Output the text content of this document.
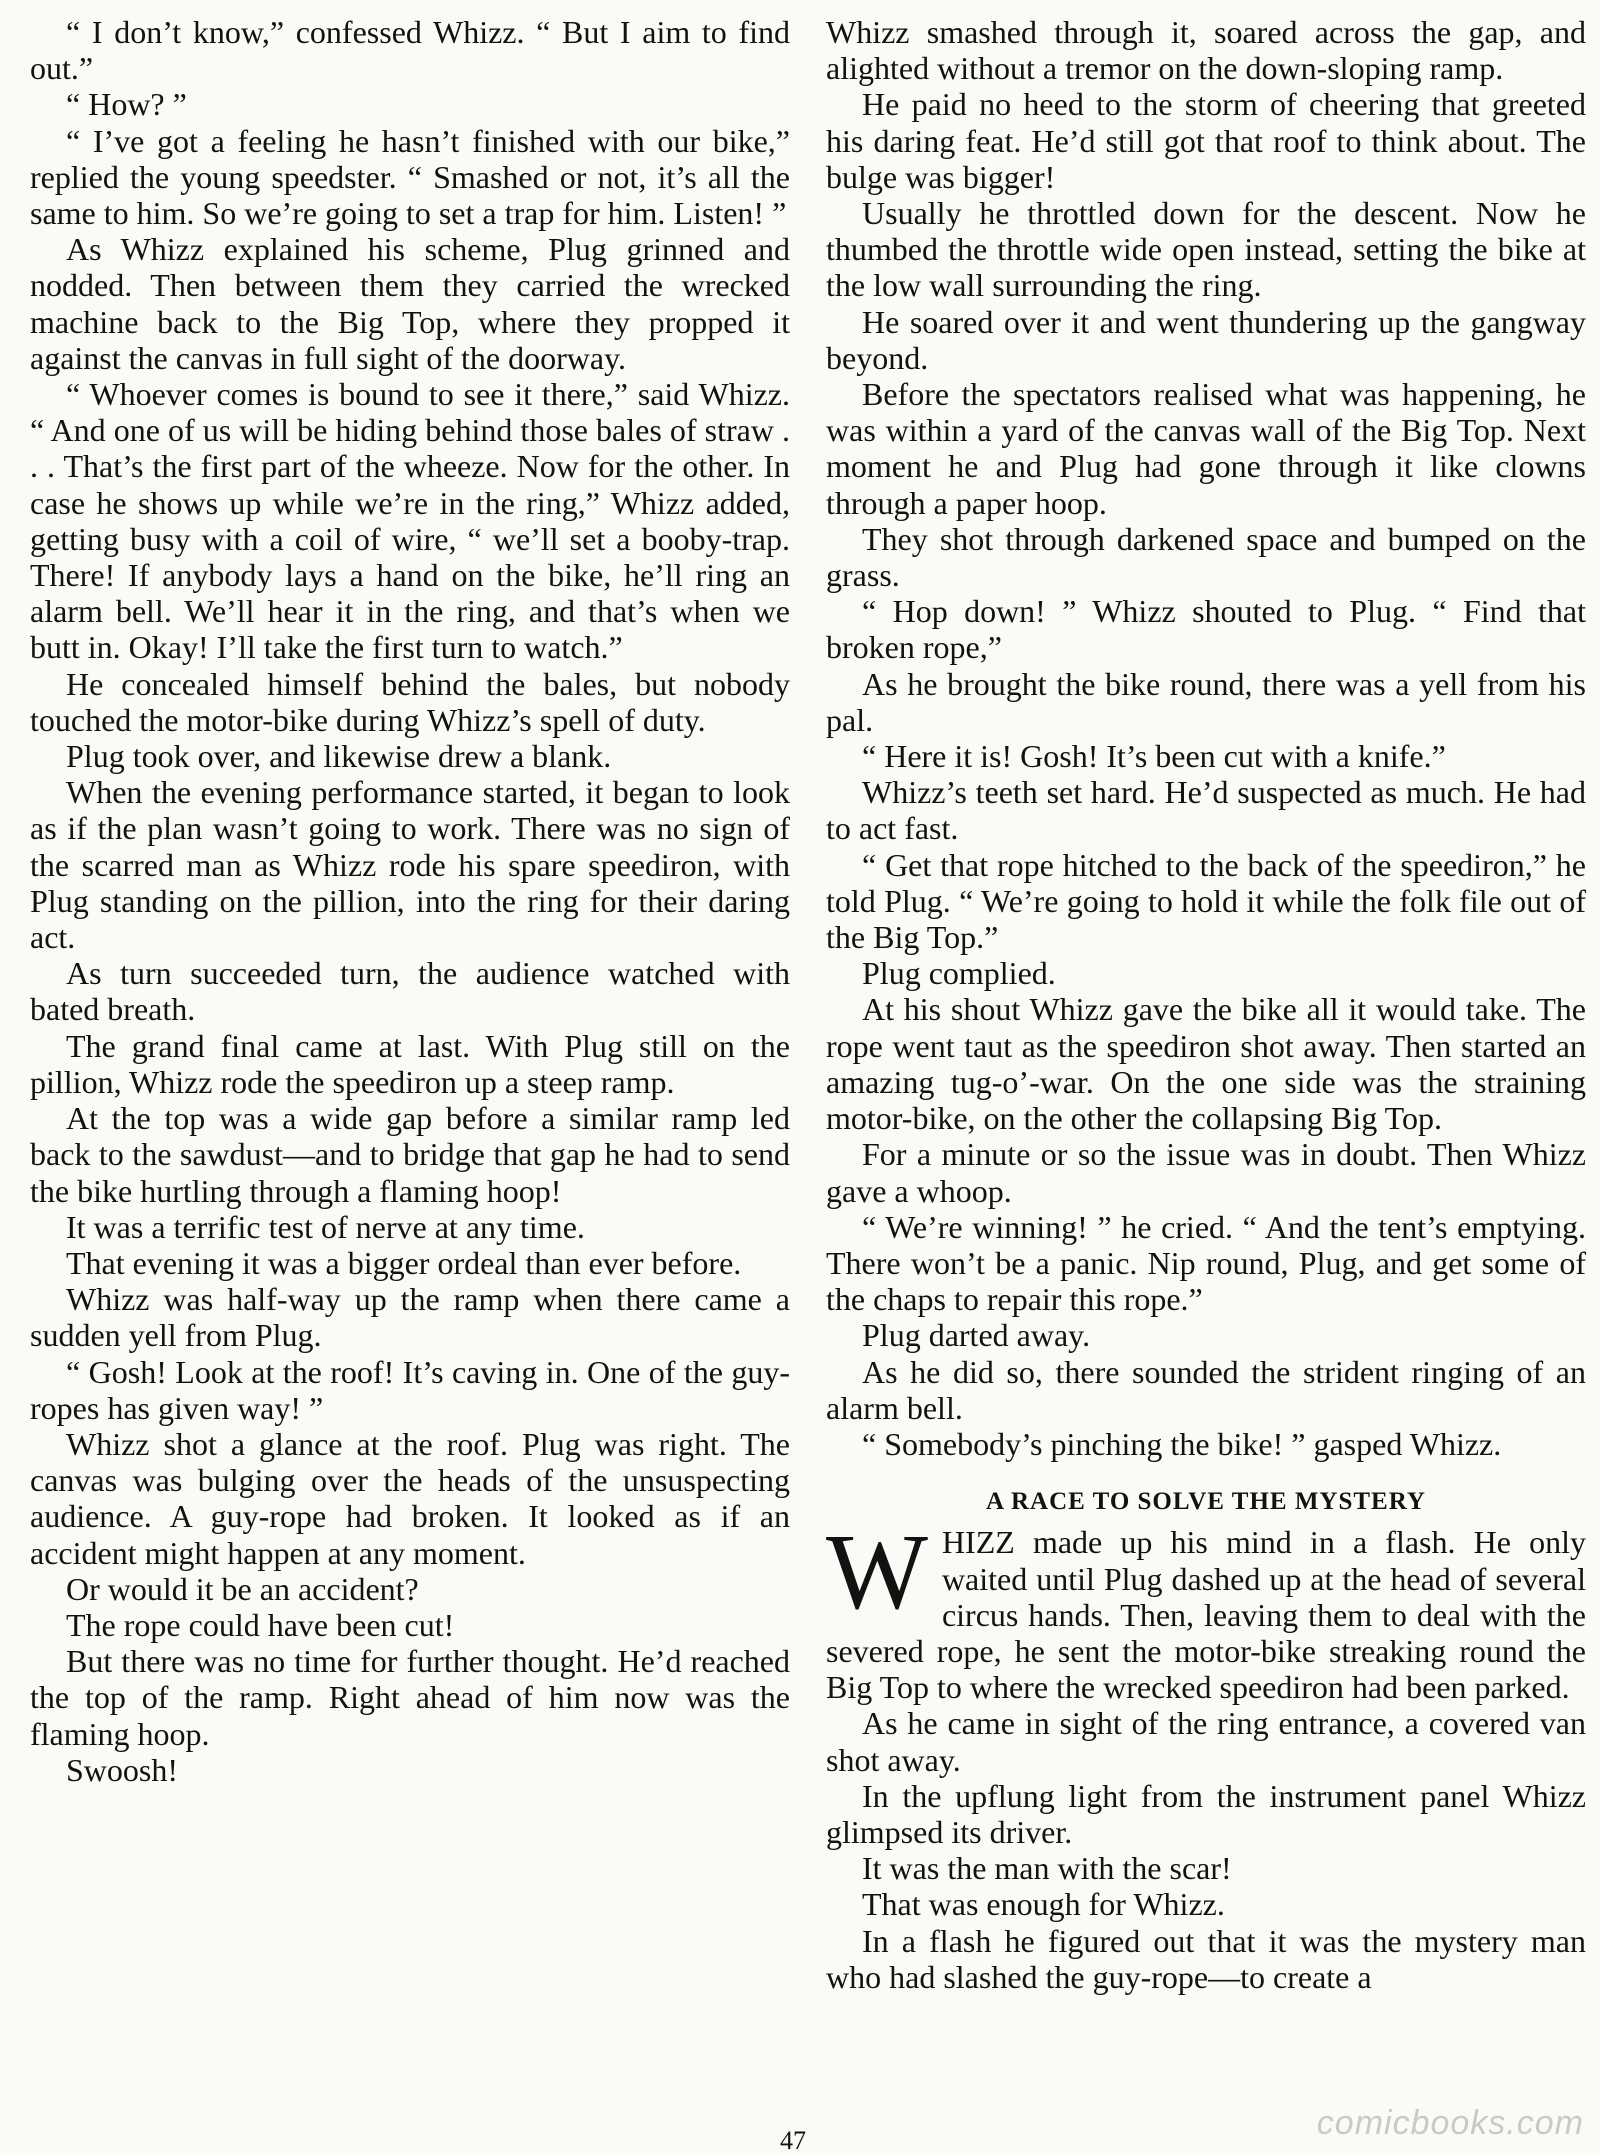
“ I don’t know,” confessed Whizz. “ But I aim to find out.”

“ How? ”

“ I’ve got a feeling he hasn’t finished with our bike,” replied the young speedster. “ Smashed or not, it’s all the same to him. So we’re going to set a trap for him. Listen! ”

As Whizz explained his scheme, Plug grinned and nodded. Then between them they carried the wrecked machine back to the Big Top, where they propped it against the canvas in full sight of the doorway.

“ Whoever comes is bound to see it there,” said Whizz. “ And one of us will be hiding behind those bales of straw . . . That’s the first part of the wheeze. Now for the other. In case he shows up while we’re in the ring,” Whizz added, getting busy with a coil of wire, “ we’ll set a booby-trap. There! If anybody lays a hand on the bike, he’ll ring an alarm bell. We’ll hear it in the ring, and that’s when we butt in. Okay! I’ll take the first turn to watch.”

He concealed himself behind the bales, but nobody touched the motor-bike during Whizz’s spell of duty.

Plug took over, and likewise drew a blank.

When the evening performance started, it began to look as if the plan wasn’t going to work. There was no sign of the scarred man as Whizz rode his spare speediron, with Plug standing on the pillion, into the ring for their daring act.

As turn succeeded turn, the audience watched with bated breath.

The grand final came at last. With Plug still on the pillion, Whizz rode the speediron up a steep ramp.

At the top was a wide gap before a similar ramp led back to the sawdust—and to bridge that gap he had to send the bike hurtling through a flaming hoop!

It was a terrific test of nerve at any time.

That evening it was a bigger ordeal than ever before.

Whizz was half-way up the ramp when there came a sudden yell from Plug.

“ Gosh! Look at the roof! It’s caving in. One of the guy-ropes has given way! ”

Whizz shot a glance at the roof. Plug was right. The canvas was bulging over the heads of the unsuspecting audience. A guy-rope had broken. It looked as if an accident might happen at any moment.

Or would it be an accident?

The rope could have been cut!

But there was no time for further thought. He’d reached the top of the ramp. Right ahead of him now was the flaming hoop.

Swoosh!

Whizz smashed through it, soared across the gap, and alighted without a tremor on the down-sloping ramp.

He paid no heed to the storm of cheering that greeted his daring feat. He’d still got that roof to think about. The bulge was bigger!

Usually he throttled down for the descent. Now he thumbed the throttle wide open instead, setting the bike at the low wall surrounding the ring.

He soared over it and went thundering up the gangway beyond.

Before the spectators realised what was happening, he was within a yard of the canvas wall of the Big Top. Next moment he and Plug had gone through it like clowns through a paper hoop.

They shot through darkened space and bumped on the grass.

“ Hop down! ” Whizz shouted to Plug. “ Find that broken rope,”

As he brought the bike round, there was a yell from his pal.

“ Here it is! Gosh! It’s been cut with a knife.”

Whizz’s teeth set hard. He’d suspected as much. He had to act fast.

“ Get that rope hitched to the back of the speediron,” he told Plug. “ We’re going to hold it while the folk file out of the Big Top.”

Plug complied.

At his shout Whizz gave the bike all it would take. The rope went taut as the speediron shot away. Then started an amazing tug-o’-war. On the one side was the straining motor-bike, on the other the collapsing Big Top.

For a minute or so the issue was in doubt. Then Whizz gave a whoop.

“ We’re winning! ” he cried. “ And the tent’s emptying. There won’t be a panic. Nip round, Plug, and get some of the chaps to repair this rope.”

Plug darted away.

As he did so, there sounded the strident ringing of an alarm bell.

“ Somebody’s pinching the bike! ” gasped Whizz.

A RACE TO SOLVE THE MYSTERY

WHIZZ made up his mind in a flash. He only waited until Plug dashed up at the head of several circus hands. Then, leaving them to deal with the severed rope, he sent the motor-bike streaking round the Big Top to where the wrecked speediron had been parked.

As he came in sight of the ring entrance, a covered van shot away.

In the upflung light from the instrument panel Whizz glimpsed its driver.

It was the man with the scar!

That was enough for Whizz.

In a flash he figured out that it was the mystery man who had slashed the guy-rope—to create a

47	comicbooks.com
